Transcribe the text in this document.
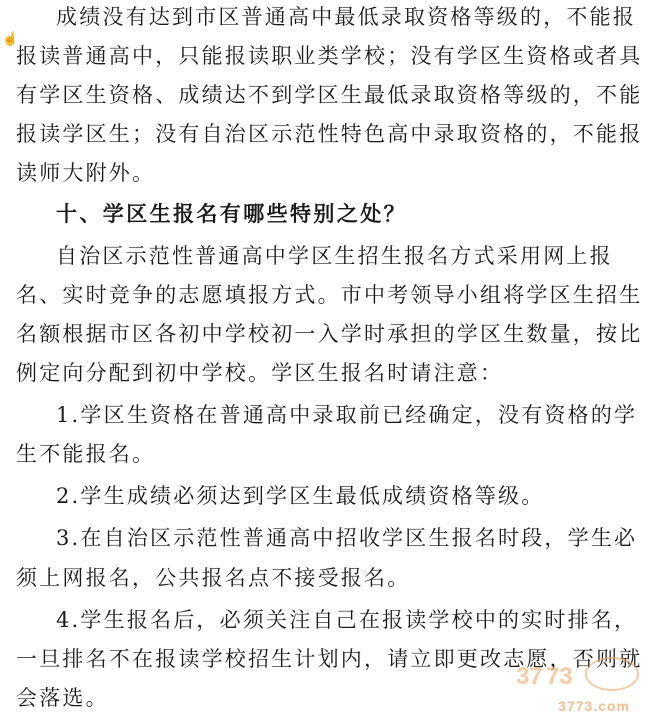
☝
成绩没有达到市区普通高中最低录取资格等级的，不能报
报读普通高中，只能报读职业类学校；没有学区生资格或者具
有学区生资格、成绩达不到学区生最低录取资格等级的，不能
报读学区生；没有自治区示范性特色高中录取资格的，不能报
读师大附外。
十、学区生报名有哪些特别之处？
自治区示范性普通高中学区生招生报名方式采用网上报
名、实时竞争的志愿填报方式。市中考领导小组将学区生招生
名额根据市区各初中学校初一入学时承担的学区生数量，按比
例定向分配到初中学校。学区生报名时请注意：
1.学区生资格在普通高中录取前已经确定，没有资格的学
生不能报名。
2.学生成绩必须达到学区生最低成绩资格等级。
3.在自治区示范性普通高中招收学区生报名时段，学生必
须上网报名，公共报名点不接受报名。
4.学生报名后，必须关注自己在报读学校中的实时排名，
一旦排名不在报读学校招生计划内，请立即更改志愿，否则就
会落选。
37 73
3773.com
